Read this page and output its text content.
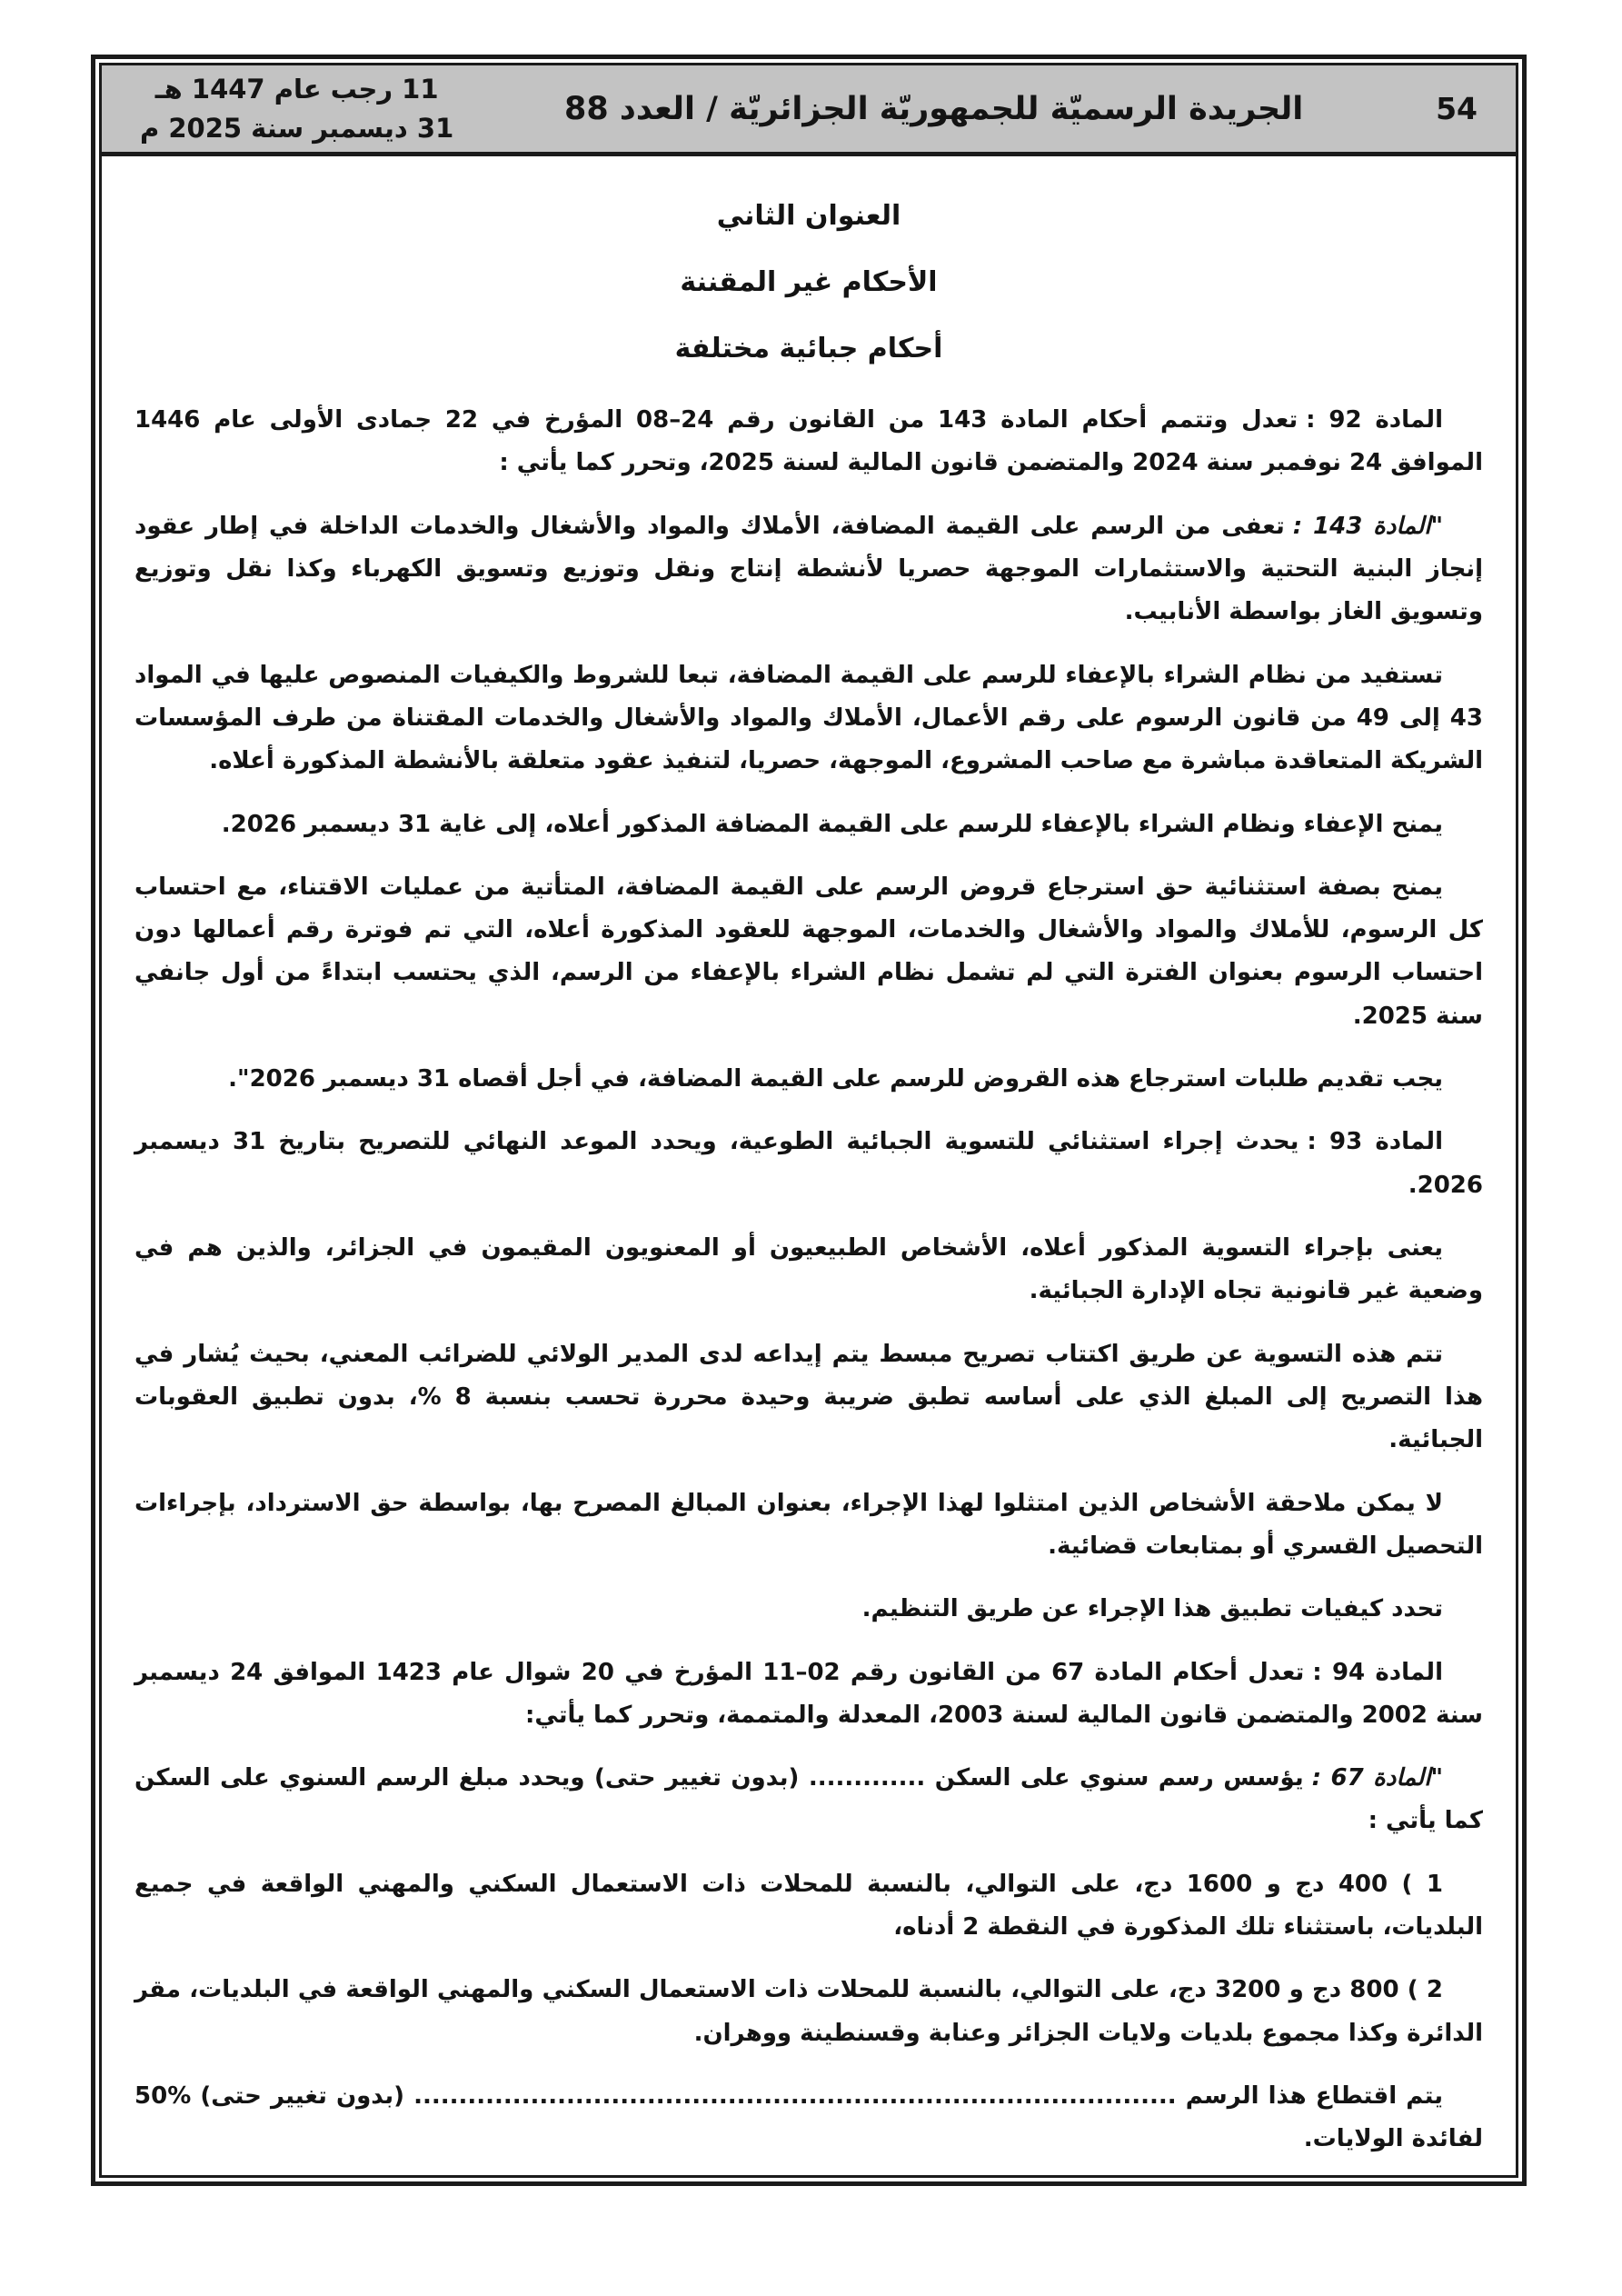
54
الجريدة الرسميّة للجمهوريّة الجزائريّة / العدد 88
11 رجب عام 1447 هـ
31 ديسمبر سنة 2025 م
العنوان الثاني
الأحكام غير المقننة
أحكام جبائية مختلفة

المادة 92 :تعدل وتتمم أحكام المادة 143 من القانون رقم 24–08 المؤرخ في 22 جمادى الأولى عام 1446 الموافق 24 نوفمبر سنة 2024 والمتضمن قانون المالية لسنة 2025، وتحرر كما يأتي :

"المادة 143 :تعفى من الرسم على القيمة المضافة، الأملاك والمواد والأشغال والخدمات الداخلة في إطار عقود إنجاز البنية التحتية والاستثمارات الموجهة حصريا لأنشطة إنتاج ونقل وتوزيع وتسويق الكهرباء وكذا نقل وتوزيع وتسويق الغاز بواسطة الأنابيب.

تستفيد من نظام الشراء بالإعفاء للرسم على القيمة المضافة، تبعا للشروط والكيفيات المنصوص عليها في المواد 43 إلى 49 من قانون الرسوم على رقم الأعمال، الأملاك والمواد والأشغال والخدمات المقتناة من طرف المؤسسات الشريكة المتعاقدة مباشرة مع صاحب المشروع، الموجهة، حصريا، لتنفيذ عقود متعلقة بالأنشطة المذكورة أعلاه.

يمنح الإعفاء ونظام الشراء بالإعفاء للرسم على القيمة المضافة المذكور أعلاه، إلى غاية 31 ديسمبر 2026.

يمنح بصفة استثنائية حق استرجاع قروض الرسم على القيمة المضافة، المتأتية من عمليات الاقتناء، مع احتساب كل الرسوم، للأملاك والمواد والأشغال والخدمات، الموجهة للعقود المذكورة أعلاه، التي تم فوترة رقم أعمالها دون احتساب الرسوم بعنوان الفترة التي لم تشمل نظام الشراء بالإعفاء من الرسم، الذي يحتسب ابتداءً من أول جانفي سنة 2025.

يجب تقديم طلبات استرجاع هذه القروض للرسم على القيمة المضافة، في أجل أقصاه 31 ديسمبر 2026".

المادة 93 :يحدث إجراء استثنائي للتسوية الجبائية الطوعية، ويحدد الموعد النهائي للتصريح بتاريخ 31 ديسمبر 2026.

يعنى بإجراء التسوية المذكور أعلاه، الأشخاص الطبيعيون أو المعنويون المقيمون في الجزائر، والذين هم في وضعية غير قانونية تجاه الإدارة الجبائية.

تتم هذه التسوية عن طريق اكتتاب تصريح مبسط يتم إيداعه لدى المدير الولائي للضرائب المعني، بحيث يُشار في هذا التصريح إلى المبلغ الذي على أساسه تطبق ضريبة وحيدة محررة تحسب بنسبة 8 %، بدون تطبيق العقوبات الجبائية.

لا يمكن ملاحقة الأشخاص الذين امتثلوا لهذا الإجراء، بعنوان المبالغ المصرح بها، بواسطة حق الاسترداد، بإجراءات التحصيل القسري أو بمتابعات قضائية.

تحدد كيفيات تطبيق هذا الإجراء عن طريق التنظيم.

المادة 94 :تعدل أحكام المادة 67 من القانون رقم 02–11 المؤرخ في 20 شوال عام 1423 الموافق 24 ديسمبر سنة 2002 والمتضمن قانون المالية لسنة 2003، المعدلة والمتممة، وتحرر كما يأتي:

"المادة 67 :يؤسس رسم سنوي على السكن ............. (بدون تغيير حتى) ويحدد مبلغ الرسم السنوي على السكن كما يأتي :

1 ) 400 دج و 1600 دج، على التوالي، بالنسبة للمحلات ذات الاستعمال السكني والمهني الواقعة في جميع البلديات، باستثناء تلك المذكورة في النقطة 2 أدناه،

2 ) 800 دج و 3200 دج، على التوالي، بالنسبة للمحلات ذات الاستعمال السكني والمهني الواقعة في البلديات، مقر الدائرة وكذا مجموع بلديات ولايات الجزائر وعنابة وقسنطينة ووهران.

يتم اقتطاع هذا الرسم ..................................................................................... (بدون تغيير حتى) %50 لفائدة الولايات.
